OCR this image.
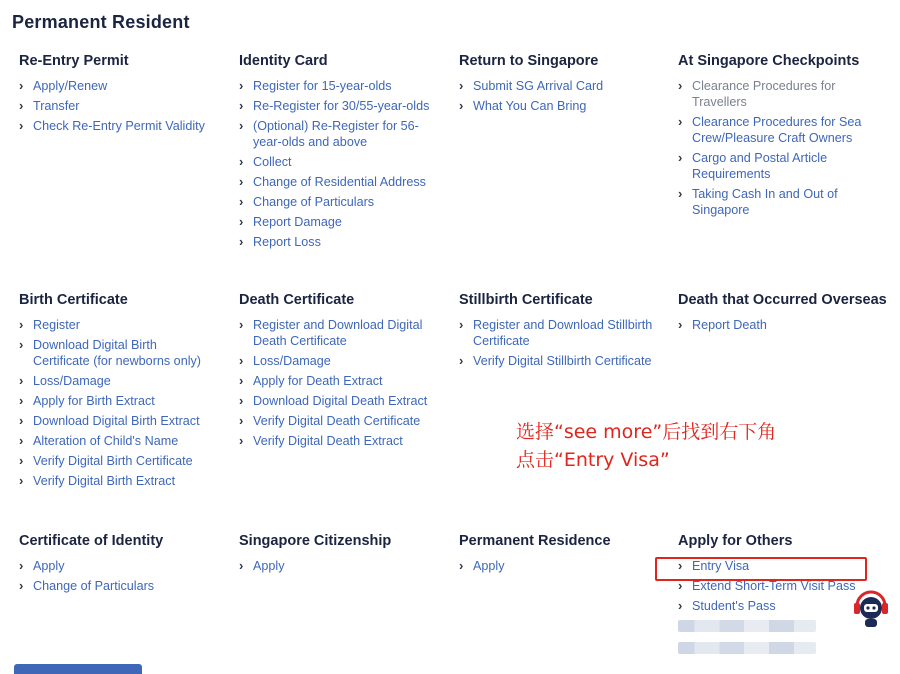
Permanent Resident
Re-Entry Permit
› Apply/Renew
› Transfer
› Check Re-Entry Permit Validity
Identity Card
› Register for 15-year-olds
› Re-Register for 30/55-year-olds
› (Optional) Re-Register for 56-year-olds and above
› Collect
› Change of Residential Address
› Change of Particulars
› Report Damage
› Report Loss
Return to Singapore
› Submit SG Arrival Card
› What You Can Bring
At Singapore Checkpoints
› Clearance Procedures for Travellers
› Clearance Procedures for Sea Crew/Pleasure Craft Owners
› Cargo and Postal Article Requirements
› Taking Cash In and Out of Singapore
Birth Certificate
› Register
› Download Digital Birth Certificate (for newborns only)
› Loss/Damage
› Apply for Birth Extract
› Download Digital Birth Extract
› Alteration of Child's Name
› Verify Digital Birth Certificate
› Verify Digital Birth Extract
Death Certificate
› Register and Download Digital Death Certificate
› Loss/Damage
› Apply for Death Extract
› Download Digital Death Extract
› Verify Digital Death Certificate
› Verify Digital Death Extract
Stillbirth Certificate
› Register and Download Stillbirth Certificate
› Verify Digital Stillbirth Certificate
Death that Occurred Overseas
› Report Death
选择“see more”后找到右下角
点击“Entry Visa”
Certificate of Identity
› Apply
› Change of Particulars
Singapore Citizenship
› Apply
Permanent Residence
› Apply
Apply for Others
› Entry Visa
› Extend Short-Term Visit Pass
› Student's Pass
